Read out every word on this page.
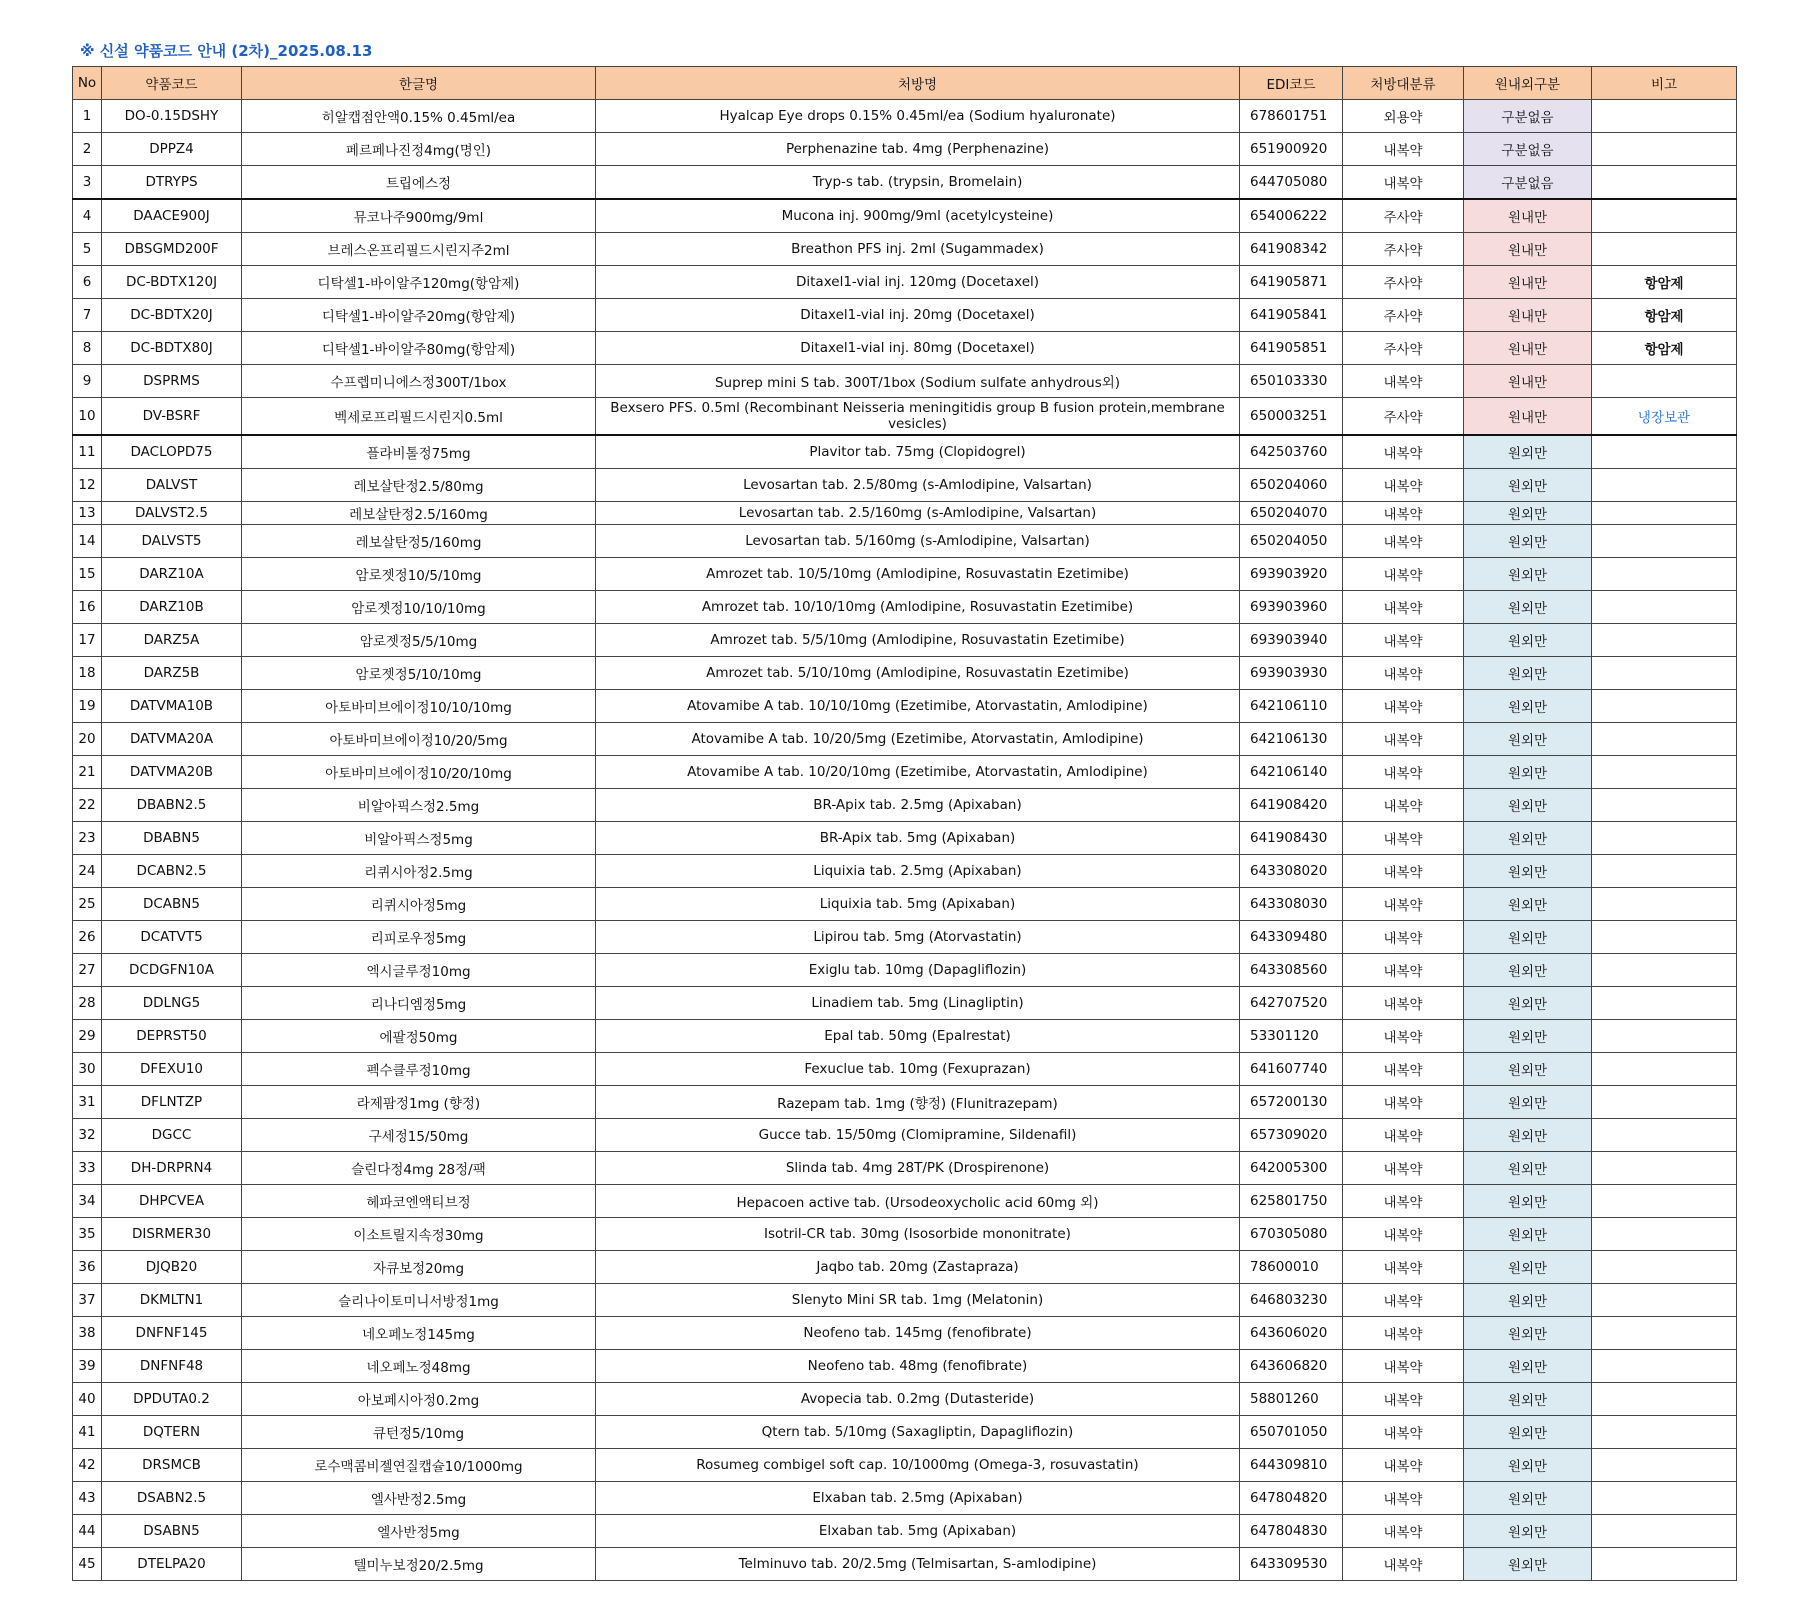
※ 신설 약품코드 안내 (2차)_2025.08.13
No	약품코드	한글명	처방명	EDI코드	처방대분류	원내외구분	비고
1	DO-0.15DSHY	히알캡점안액0.15% 0.45ml/ea	Hyalcap Eye drops 0.15% 0.45ml/ea (Sodium hyaluronate)	678601751	외용약	구분없음	
2	DPPZ4	페르페나진정4mg(명인)	Perphenazine tab. 4mg (Perphenazine)	651900920	내복약	구분없음	
3	DTRYPS	트립에스정	Tryp-s tab. (trypsin, Bromelain)	644705080	내복약	구분없음	
4	DAACE900J	뮤코나주900mg/9ml	Mucona inj. 900mg/9ml (acetylcysteine)	654006222	주사약	원내만	
5	DBSGMD200F	브레스온프리필드시린지주2ml	Breathon PFS inj. 2ml (Sugammadex)	641908342	주사약	원내만	
6	DC-BDTX120J	디탁셀1-바이알주120mg(항암제)	Ditaxel1-vial inj. 120mg (Docetaxel)	641905871	주사약	원내만	항암제
7	DC-BDTX20J	디탁셀1-바이알주20mg(항암제)	Ditaxel1-vial inj. 20mg (Docetaxel)	641905841	주사약	원내만	항암제
8	DC-BDTX80J	디탁셀1-바이알주80mg(항암제)	Ditaxel1-vial inj. 80mg (Docetaxel)	641905851	주사약	원내만	항암제
9	DSPRMS	수프렙미니에스정300T/1box	Suprep mini S tab. 300T/1box (Sodium sulfate anhydrous외)	650103330	내복약	원내만	
10	DV-BSRF	벡세로프리필드시린지0.5ml	Bexsero PFS. 0.5ml (Recombinant Neisseria meningitidis group B fusion protein,membrane vesicles)	650003251	주사약	원내만	냉장보관
11	DACLOPD75	플라비톨정75mg	Plavitor tab. 75mg (Clopidogrel)	642503760	내복약	원외만	
12	DALVST	레보살탄정2.5/80mg	Levosartan tab. 2.5/80mg (s-Amlodipine, Valsartan)	650204060	내복약	원외만	
13	DALVST2.5	레보살탄정2.5/160mg	Levosartan tab. 2.5/160mg (s-Amlodipine, Valsartan)	650204070	내복약	원외만	
14	DALVST5	레보살탄정5/160mg	Levosartan tab. 5/160mg (s-Amlodipine, Valsartan)	650204050	내복약	원외만	
15	DARZ10A	암로젯정10/5/10mg	Amrozet tab. 10/5/10mg (Amlodipine, Rosuvastatin Ezetimibe)	693903920	내복약	원외만	
16	DARZ10B	암로젯정10/10/10mg	Amrozet tab. 10/10/10mg (Amlodipine, Rosuvastatin Ezetimibe)	693903960	내복약	원외만	
17	DARZ5A	암로젯정5/5/10mg	Amrozet tab. 5/5/10mg (Amlodipine, Rosuvastatin Ezetimibe)	693903940	내복약	원외만	
18	DARZ5B	암로젯정5/10/10mg	Amrozet tab. 5/10/10mg (Amlodipine, Rosuvastatin Ezetimibe)	693903930	내복약	원외만	
19	DATVMA10B	아토바미브에이정10/10/10mg	Atovamibe A tab. 10/10/10mg (Ezetimibe, Atorvastatin, Amlodipine)	642106110	내복약	원외만	
20	DATVMA20A	아토바미브에이정10/20/5mg	Atovamibe A tab. 10/20/5mg (Ezetimibe, Atorvastatin, Amlodipine)	642106130	내복약	원외만	
21	DATVMA20B	아토바미브에이정10/20/10mg	Atovamibe A tab. 10/20/10mg (Ezetimibe, Atorvastatin, Amlodipine)	642106140	내복약	원외만	
22	DBABN2.5	비알아픽스정2.5mg	BR-Apix tab. 2.5mg (Apixaban)	641908420	내복약	원외만	
23	DBABN5	비알아픽스정5mg	BR-Apix tab. 5mg (Apixaban)	641908430	내복약	원외만	
24	DCABN2.5	리퀴시아정2.5mg	Liquixia tab. 2.5mg (Apixaban)	643308020	내복약	원외만	
25	DCABN5	리퀴시아정5mg	Liquixia tab. 5mg (Apixaban)	643308030	내복약	원외만	
26	DCATVT5	리피로우정5mg	Lipirou tab. 5mg (Atorvastatin)	643309480	내복약	원외만	
27	DCDGFN10A	엑시글루정10mg	Exiglu tab. 10mg (Dapagliflozin)	643308560	내복약	원외만	
28	DDLNG5	리나디엠정5mg	Linadiem tab. 5mg (Linagliptin)	642707520	내복약	원외만	
29	DEPRST50	에팔정50mg	Epal tab. 50mg (Epalrestat)	53301120	내복약	원외만	
30	DFEXU10	펙수클루정10mg	Fexuclue tab. 10mg (Fexuprazan)	641607740	내복약	원외만	
31	DFLNTZP	라제팜정1mg (향정)	Razepam tab. 1mg (향정) (Flunitrazepam)	657200130	내복약	원외만	
32	DGCC	구세정15/50mg	Gucce tab. 15/50mg (Clomipramine, Sildenafil)	657309020	내복약	원외만	
33	DH-DRPRN4	슬린다정4mg 28정/팩	Slinda tab. 4mg 28T/PK (Drospirenone)	642005300	내복약	원외만	
34	DHPCVEA	헤파코엔액티브정	Hepacoen active tab. (Ursodeoxycholic acid 60mg 외)	625801750	내복약	원외만	
35	DISRMER30	이소트릴지속정30mg	Isotril-CR tab. 30mg (Isosorbide mononitrate)	670305080	내복약	원외만	
36	DJQB20	자큐보정20mg	Jaqbo tab. 20mg (Zastapraza)	78600010	내복약	원외만	
37	DKMLTN1	슬리나이토미니서방정1mg	Slenyto Mini SR tab. 1mg (Melatonin)	646803230	내복약	원외만	
38	DNFNF145	네오페노정145mg	Neofeno tab. 145mg (fenofibrate)	643606020	내복약	원외만	
39	DNFNF48	네오페노정48mg	Neofeno tab. 48mg (fenofibrate)	643606820	내복약	원외만	
40	DPDUTA0.2	아보페시아정0.2mg	Avopecia tab. 0.2mg (Dutasteride)	58801260	내복약	원외만	
41	DQTERN	큐턴정5/10mg	Qtern tab. 5/10mg (Saxagliptin, Dapagliflozin)	650701050	내복약	원외만	
42	DRSMCB	로수맥콤비젤연질캡슐10/1000mg	Rosumeg combigel soft cap. 10/1000mg (Omega-3, rosuvastatin)	644309810	내복약	원외만	
43	DSABN2.5	엘사반정2.5mg	Elxaban tab. 2.5mg (Apixaban)	647804820	내복약	원외만	
44	DSABN5	엘사반정5mg	Elxaban tab. 5mg (Apixaban)	647804830	내복약	원외만	
45	DTELPA20	텔미누보정20/2.5mg	Telminuvo tab. 20/2.5mg (Telmisartan, S-amlodipine)	643309530	내복약	원외만	
